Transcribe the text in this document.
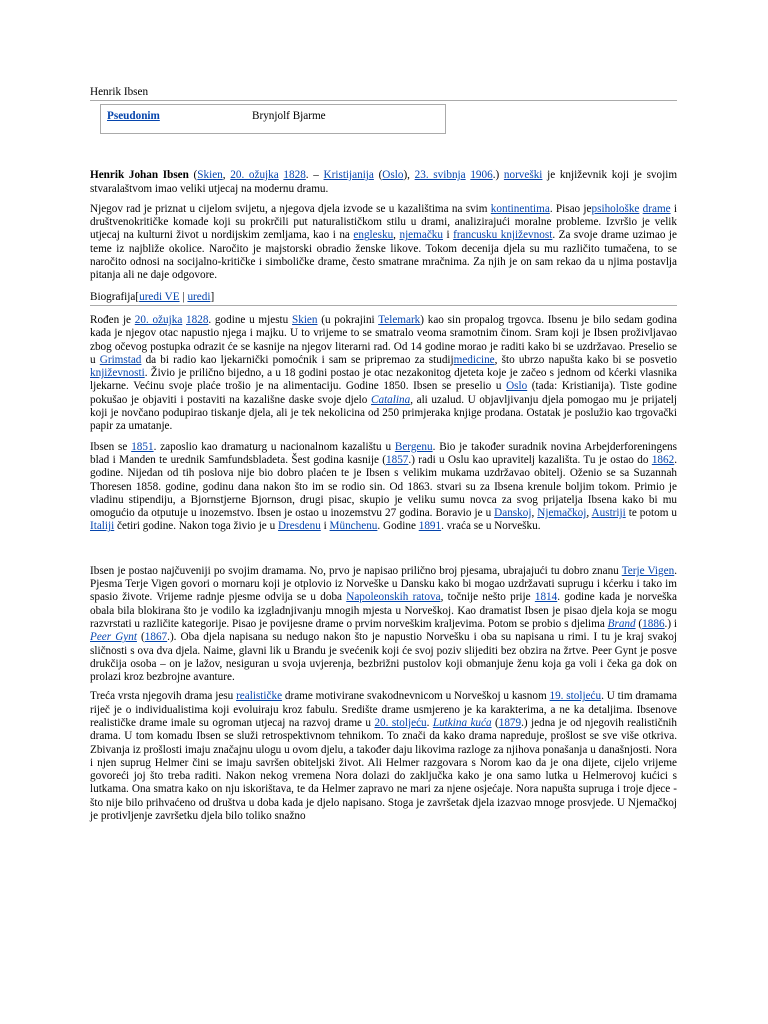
Henrik Ibsen
Pseudonim	Brynjolf Bjarme

Henrik Johan Ibsen (Skien, 20. ožujka 1828. – Kristijanija (Oslo), 23. svibnja 1906.) norveški je književnik koji je svojim stvaralaštvom imao veliki utjecaj na modernu dramu.

Njegov rad je priznat u cijelom svijetu, a njegova djela izvode se u kazalištima na svim kontinentima. Pisao jepsihološke drame i društvenokritičke komade koji su prokrčili put naturalističkom stilu u drami, analizirajući moralne probleme. Izvršio je velik utjecaj na kulturni život u nordijskim zemljama, kao i na englesku, njemačku i francusku književnost. Za svoje drame uzimao je teme iz najbliže okolice. Naročito je majstorski obradio ženske likove. Tokom decenija djela su mu različito tumačena, to se naročito odnosi na socijalno-kritičke i simboličke drame, često smatrane mračnima. Za njih je on sam rekao da u njima postavlja pitanja ali ne daje odgovore.

Biografija[uredi VE | uredi]

Rođen je 20. ožujka 1828. godine u mjestu Skien (u pokrajini Telemark) kao sin propalog trgovca. Ibsenu je bilo sedam godina kada je njegov otac napustio njega i majku. U to vrijeme to se smatralo veoma sramotnim činom. Sram koji je Ibsen proživljavao zbog očevog postupka odrazit će se kasnije na njegov literarni rad. Od 14 godine morao je raditi kako bi se uzdržavao. Preselio se u Grimstad da bi radio kao ljekarnički pomoćnik i sam se pripremao za studijmedicine, što ubrzo napušta kako bi se posvetio književnosti. Živio je prilično bijedno, a u 18 godini postao je otac nezakonitog djeteta koje je začeo s jednom od kćerki vlasnika ljekarne. Većinu svoje plaće trošio je na alimentaciju. Godine 1850. Ibsen se preselio u Oslo (tada: Kristianija). Tiste godine pokušao je objaviti i postaviti na kazališne daske svoje djelo Catalina, ali uzalud. U objavljivanju djela pomogao mu je prijatelj koji je novčano podupirao tiskanje djela, ali je tek nekolicina od 250 primjeraka knjige prodana. Ostatak je poslužio kao trgovački papir za umatanje.

Ibsen se 1851. zaposlio kao dramaturg u nacionalnom kazalištu u Bergenu. Bio je također suradnik novina Arbejderforeningens blad i Manden te urednik Samfundsbladeta. Šest godina kasnije (1857.) radi u Oslu kao upravitelj kazališta. Tu je ostao do 1862. godine. Nijedan od tih poslova nije bio dobro plaćen te je Ibsen s velikim mukama uzdržavao obitelj. Oženio se sa Suzannah Thoresen 1858. godine, godinu dana nakon što im se rodio sin. Od 1863. stvari su za Ibsena krenule boljim tokom. Primio je vladinu stipendiju, a Bjornstjerne Bjornson, drugi pisac, skupio je veliku sumu novca za svog prijatelja Ibsena kako bi mu omogućio da otputuje u inozemstvo. Ibsen je ostao u inozemstvu 27 godina. Boravio je u Danskoj, Njemačkoj, Austriji te potom u Italiji četiri godine. Nakon toga živio je u Dresdenu i Münchenu. Godine 1891. vraća se u Norvešku.

Ibsen je postao najčuveniji po svojim dramama. No, prvo je napisao prilično broj pjesama, ubrajajući tu dobro znanu Terje Vigen. Pjesma Terje Vigen govori o mornaru koji je otplovio iz Norveške u Dansku kako bi mogao uzdržavati suprugu i kćerku i tako im spasio živote. Vrijeme radnje pjesme odvija se u doba Napoleonskih ratova, točnije nešto prije 1814. godine kada je norveška obala bila blokirana što je vodilo ka izgladnjivanju mnogih mjesta u Norveškoj. Kao dramatist Ibsen je pisao djela koja se mogu razvrstati u različite kategorije. Pisao je povijesne drame o prvim norveškim kraljevima. Potom se probio s djelima Brand (1886.) i Peer Gynt (1867.). Oba djela napisana su nedugo nakon što je napustio Norvešku i oba su napisana u rimi. I tu je kraj svakoj sličnosti s ova dva djela. Naime, glavni lik u Brandu je svećenik koji će svoj poziv slijediti bez obzira na žrtve. Peer Gynt je posve drukčija osoba – on je lažov, nesiguran u svoja uvjerenja, bezbrižni pustolov koji obmanjuje ženu koja ga voli i čeka ga dok on prolazi kroz bezbrojne avanture.

Treća vrsta njegovih drama jesu realističke drame motivirane svakodnevnicom u Norveškoj u kasnom 19. stoljeću. U tim dramama riječ je o individualistima koji evoluiraju kroz fabulu. Središte drame usmjereno je ka karakterima, a ne ka detaljima. Ibsenove realističke drame imale su ogroman utjecaj na razvoj drame u 20. stoljeću. Lutkina kuća (1879.) jedna je od njegovih realističnih drama. U tom komadu Ibsen se služi retrospektivnom tehnikom. To znači da kako drama napreduje, prošlost se sve više otkriva. Zbivanja iz prošlosti imaju značajnu ulogu u ovom djelu, a također daju likovima razloge za njihova ponašanja u današnjosti. Nora i njen suprug Helmer čini se imaju savršen obiteljski život. Ali Helmer razgovara s Norom kao da je ona dijete, cijelo vrijeme govoreći joj što treba raditi. Nakon nekog vremena Nora dolazi do zaključka kako je ona samo lutka u Helmerovoj kućici s lutkama. Ona smatra kako on nju iskorištava, te da Helmer zapravo ne mari za njene osjećaje. Nora napušta supruga i troje djece - što nije bilo prihvaćeno od društva u doba kada je djelo napisano. Stoga je završetak djela izazvao mnoge prosvjede. U Njemačkoj je protivljenje završetku djela bilo toliko snažno
